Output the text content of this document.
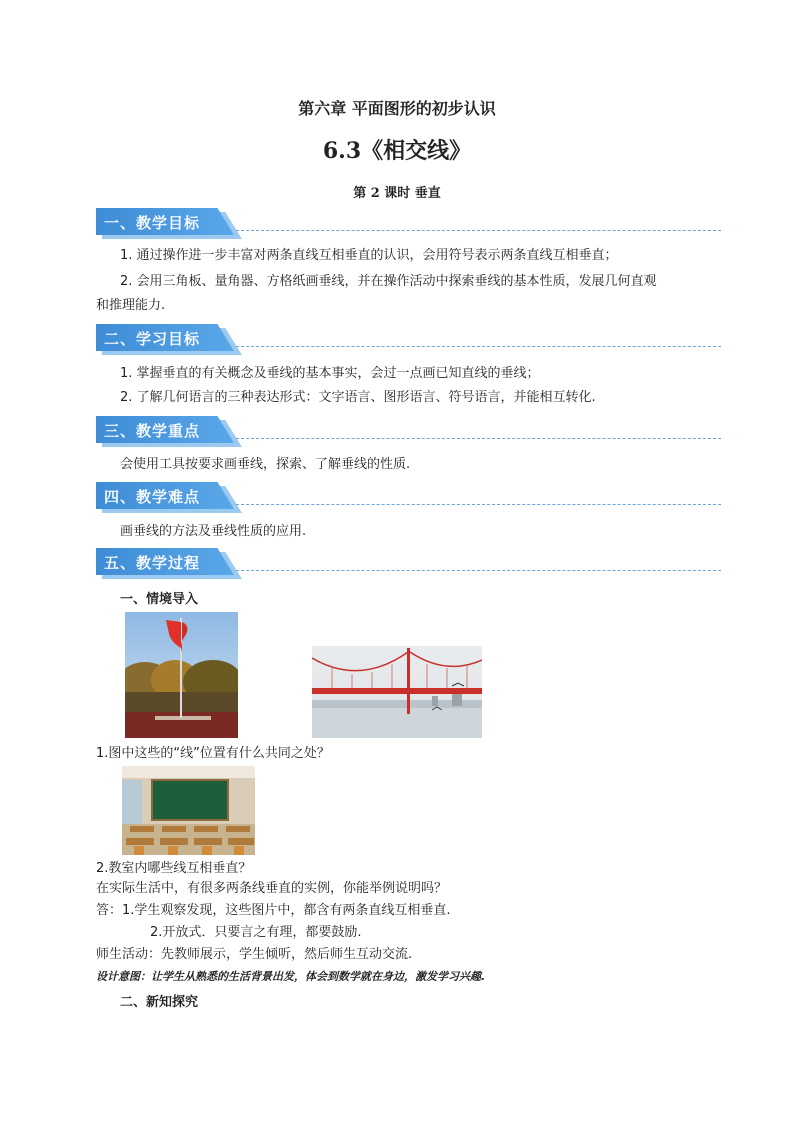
第六章 平面图形的初步认识
6.3《相交线》
第 2 课时 垂直
一、教学目标
1. 通过操作进一步丰富对两条直线互相垂直的认识，会用符号表示两条直线互相垂直；
2. 会用三角板、量角器、方格纸画垂线，并在操作活动中探索垂线的基本性质，发展几何直观
和推理能力.
二、学习目标
1. 掌握垂直的有关概念及垂线的基本事实，会过一点画已知直线的垂线；
2. 了解几何语言的三种表达形式：文字语言、图形语言、符号语言，并能相互转化.
三、教学重点
会使用工具按要求画垂线，探索、了解垂线的性质.
四、教学难点
画垂线的方法及垂线性质的应用.
五、教学过程
一、情境导入
1.图中这些的“线”位置有什么共同之处？
2.教室内哪些线互相垂直？
在实际生活中，有很多两条线垂直的实例，你能举例说明吗？
答：1.学生观察发现，这些图片中，都含有两条直线互相垂直.
2.开放式．只要言之有理，都要鼓励.
师生活动：先教师展示，学生倾听，然后师生互动交流.
设计意图：让学生从熟悉的生活背景出发，体会到数学就在身边，激发学习兴趣.
二、新知探究
